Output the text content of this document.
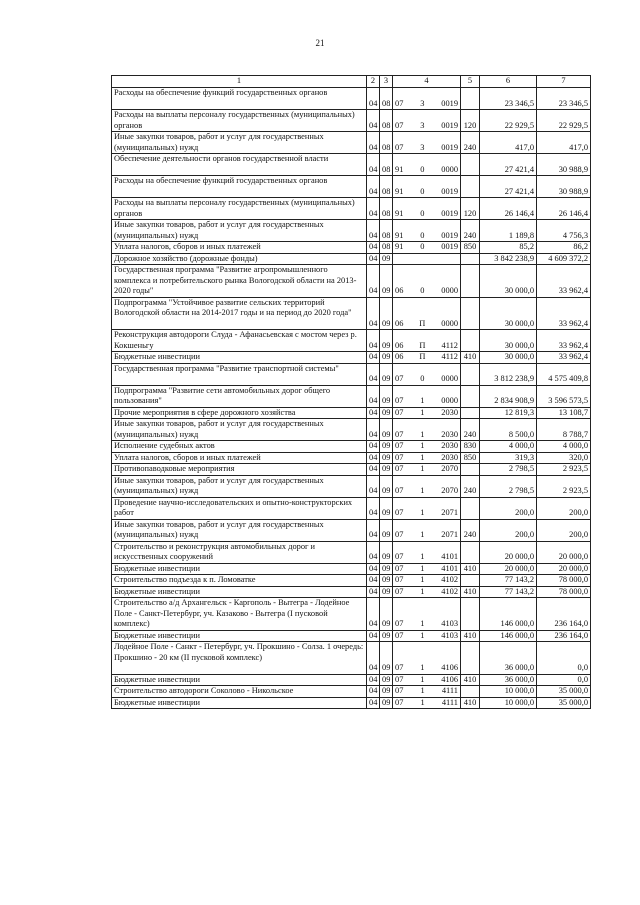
21
1	2	3	4	5	6	7
Расходы на обеспечение функций государственных органов	04	08	07 3 0019		23 346,5	23 346,5
Расходы на выплаты персоналу государственных (муниципальных) органов	04	08	07 3 0019	120	22 929,5	22 929,5
Иные закупки товаров, работ и услуг для государственных (муниципальных) нужд	04	08	07 3 0019	240	417,0	417,0
Обеспечение деятельности органов государственной власти	04	08	91 0 0000		27 421,4	30 988,9
Расходы на обеспечение функций государственных органов	04	08	91 0 0019		27 421,4	30 988,9
Расходы на выплаты персоналу государственных (муниципальных) органов	04	08	91 0 0019	120	26 146,4	26 146,4
Иные закупки товаров, работ и услуг для государственных (муниципальных) нужд	04	08	91 0 0019	240	1 189,8	4 756,3
Уплата налогов, сборов и иных платежей	04	08	91 0 0019	850	85,2	86,2
Дорожное хозяйство (дорожные фонды)	04	09			3 842 238,9	4 609 372,2
Государственная программа "Развитие агропромышленного комплекса и потребительского рынка Вологодской области на 2013-2020 годы"	04	09	06 0 0000		30 000,0	33 962,4
Подпрограмма "Устойчивое развитие сельских территорий Вологодской области на 2014-2017 годы и на период до 2020 года"	04	09	06 П 0000		30 000,0	33 962,4
Реконструкция автодороги Слуда - Афанасьевская с мостом через р. Кокшеньгу	04	09	06 П 4112		30 000,0	33 962,4
Бюджетные инвестиции	04	09	06 П 4112	410	30 000,0	33 962,4
Государственная программа "Развитие транспортной системы"	04	09	07 0 0000		3 812 238,9	4 575 409,8
Подпрограмма "Развитие сети автомобильных дорог общего пользования"	04	09	07 1 0000		2 834 908,9	3 596 573,5
Прочие мероприятия в сфере дорожного хозяйства	04	09	07 1 2030		12 819,3	13 108,7
Иные закупки товаров, работ и услуг для государственных (муниципальных) нужд	04	09	07 1 2030	240	8 500,0	8 788,7
Исполнение судебных актов	04	09	07 1 2030	830	4 000,0	4 000,0
Уплата налогов, сборов и иных платежей	04	09	07 1 2030	850	319,3	320,0
Противопаводковые мероприятия	04	09	07 1 2070		2 798,5	2 923,5
Иные закупки товаров, работ и услуг для государственных (муниципальных) нужд	04	09	07 1 2070	240	2 798,5	2 923,5
Проведение научно-исследовательских и опытно-конструкторских работ	04	09	07 1 2071		200,0	200,0
Иные закупки товаров, работ и услуг для государственных (муниципальных) нужд	04	09	07 1 2071	240	200,0	200,0
Строительство и реконструкция автомобильных дорог и искусственных сооружений	04	09	07 1 4101		20 000,0	20 000,0
Бюджетные инвестиции	04	09	07 1 4101	410	20 000,0	20 000,0
Строительство подъезда к п. Ломоватке	04	09	07 1 4102		77 143,2	78 000,0
Бюджетные инвестиции	04	09	07 1 4102	410	77 143,2	78 000,0
Строительство а/д Архангельск - Каргополь - Вытегра - Лодейное Поле - Санкт-Петербург, уч. Казаково - Вытегра (I пусковой комплекс)	04	09	07 1 4103		146 000,0	236 164,0
Бюджетные инвестиции	04	09	07 1 4103	410	146 000,0	236 164,0
Лодейное Поле - Санкт - Петербург, уч. Прокшино - Солза. 1 очередь: Прокшино - 20 км (II пусковой комплекс)	04	09	07 1 4106		36 000,0	0,0
Бюджетные инвестиции	04	09	07 1 4106	410	36 000,0	0,0
Строительство автодороги Соколово - Никольское	04	09	07 1 4111		10 000,0	35 000,0
Бюджетные инвестиции	04	09	07 1 4111	410	10 000,0	35 000,0
